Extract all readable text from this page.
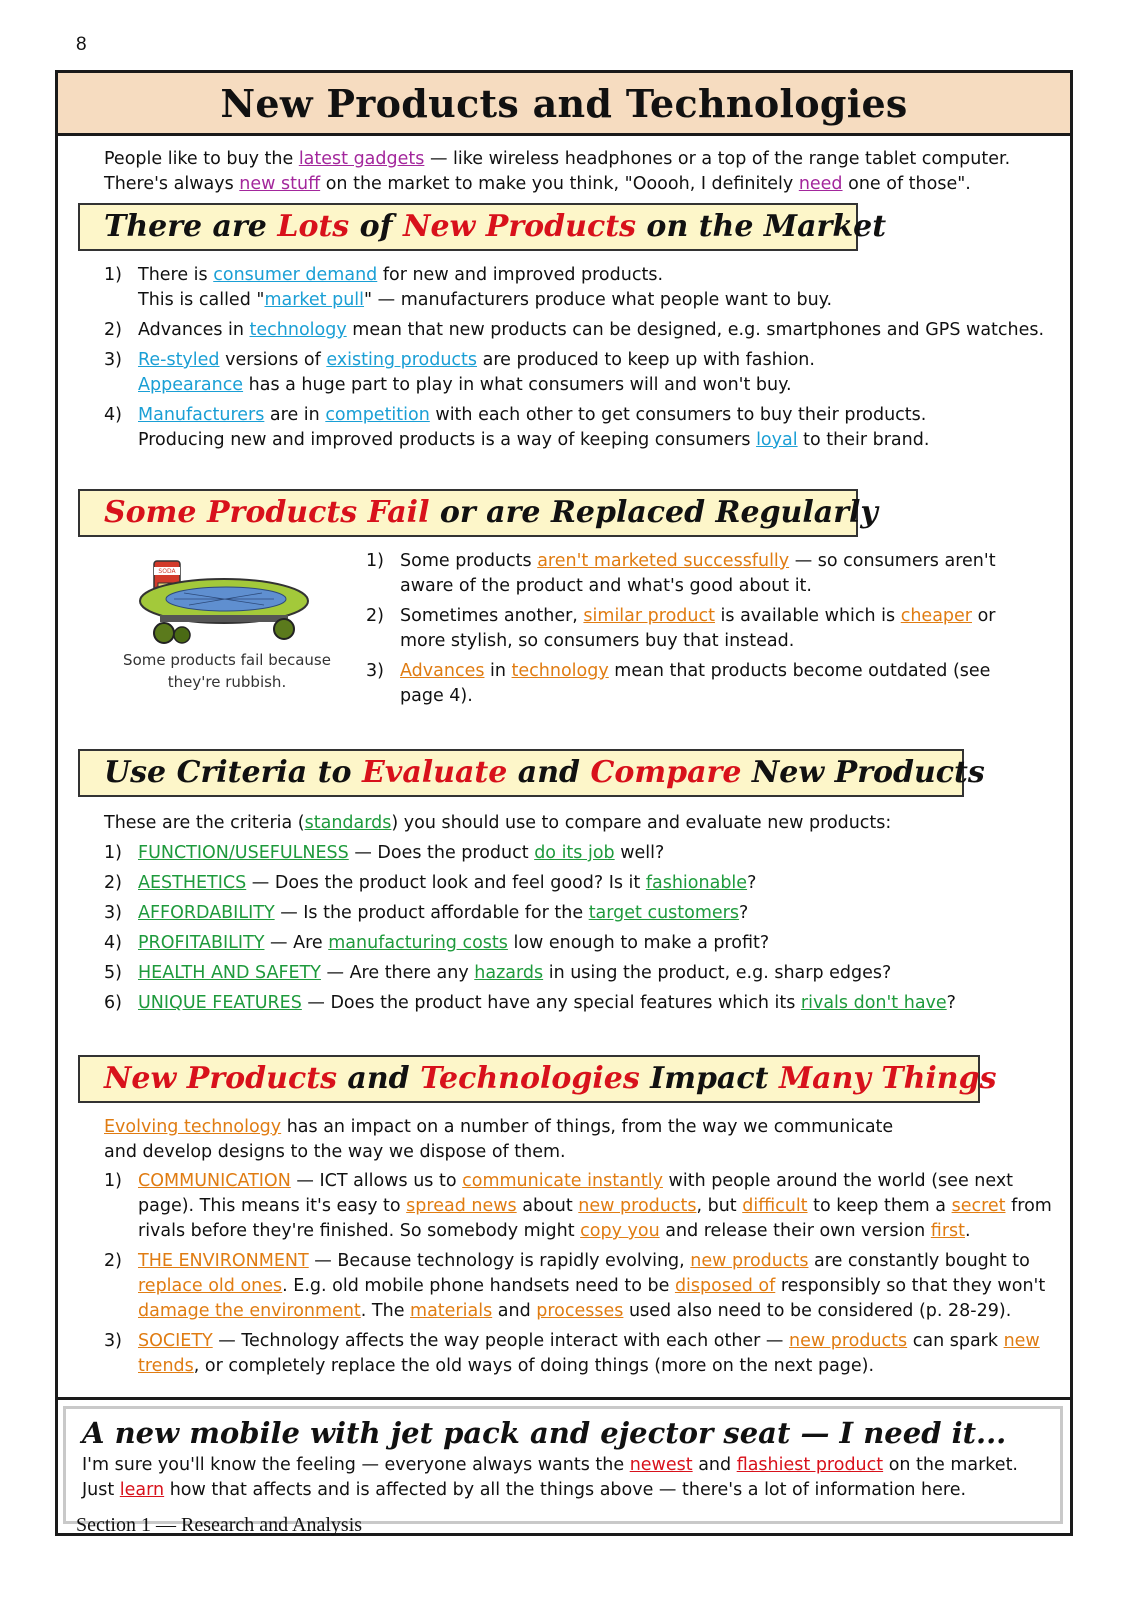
8
New Products and Technologies
People like to buy the latest gadgets — like wireless headphones or a top of the range tablet computer.
There's always new stuff on the market to make you think, "Ooooh, I definitely need one of those".
There are Lots of New Products on the Market
1) There is consumer demand for new and improved products.
This is called "market pull" — manufacturers produce what people want to buy.
2) Advances in technology mean that new products can be designed, e.g. smartphones and GPS watches.
3) Re-styled versions of existing products are produced to keep up with fashion.
Appearance has a huge part to play in what consumers will and won't buy.
4) Manufacturers are in competition with each other to get consumers to buy their products.
Producing new and improved products is a way of keeping consumers loyal to their brand.
Some Products Fail or are Replaced Regularly
SODA
Some products fail because they're rubbish.
1) Some products aren't marketed successfully — so consumers aren't aware of the product and what's good about it.
2) Sometimes another, similar product is available which is cheaper or more stylish, so consumers buy that instead.
3) Advances in technology mean that products become outdated (see page 4).
Use Criteria to Evaluate and Compare New Products
These are the criteria (standards) you should use to compare and evaluate new products:
1) FUNCTION/USEFULNESS — Does the product do its job well?
2) AESTHETICS — Does the product look and feel good? Is it fashionable?
3) AFFORDABILITY — Is the product affordable for the target customers?
4) PROFITABILITY — Are manufacturing costs low enough to make a profit?
5) HEALTH AND SAFETY — Are there any hazards in using the product, e.g. sharp edges?
6) UNIQUE FEATURES — Does the product have any special features which its rivals don't have?
New Products and Technologies Impact Many Things
Evolving technology has an impact on a number of things, from the way we communicate and develop designs to the way we dispose of them.
1) COMMUNICATION — ICT allows us to communicate instantly with people around the world (see next page). This means it's easy to spread news about new products, but difficult to keep them a secret from rivals before they're finished. So somebody might copy you and release their own version first.
2) THE ENVIRONMENT — Because technology is rapidly evolving, new products are constantly bought to replace old ones. E.g. old mobile phone handsets need to be disposed of responsibly so that they won't damage the environment. The materials and processes used also need to be considered (p. 28-29).
3) SOCIETY — Technology affects the way people interact with each other — new products can spark new trends, or completely replace the old ways of doing things (more on the next page).
A new mobile with jet pack and ejector seat — I need it...
I'm sure you'll know the feeling — everyone always wants the newest and flashiest product on the market.
Just learn how that affects and is affected by all the things above — there's a lot of information here.
Section 1 — Research and Analysis
